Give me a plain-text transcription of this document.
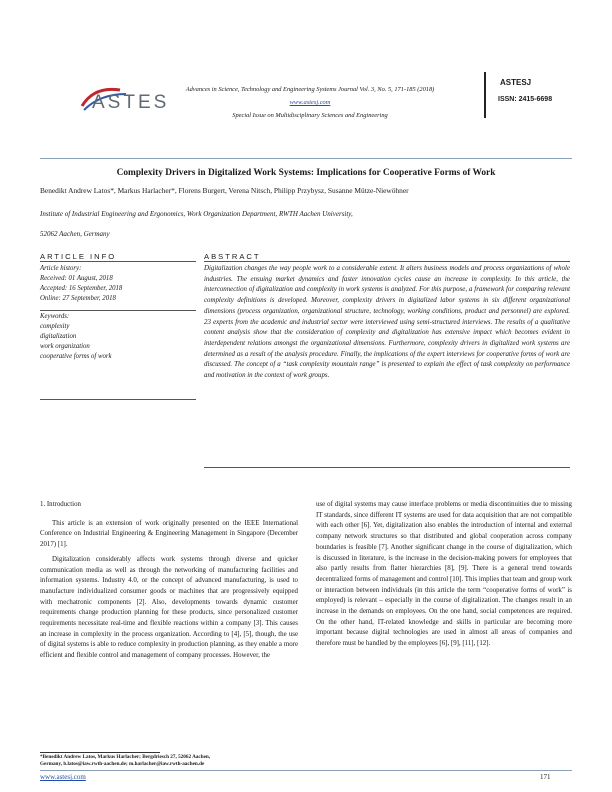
ASTES
Advances in Science, Technology and Engineering Systems Journal Vol. 3, No. 5, 171-185 (2018)
www.astesj.com
Special Issue on Multidisciplinary Sciences and Engineering
ASTESJ
ISSN: 2415-6698
Complexity Drivers in Digitalized Work Systems: Implications for Cooperative Forms of Work
Benedikt Andrew Latos*, Markus Harlacher*, Florens Burgert, Verena Nitsch, Philipp Przybysz, Susanne Mütze-Niewöhner
Institute of Industrial Engineering and Ergonomics, Work Organization Department, RWTH Aachen University,
52062 Aachen, Germany
ARTICLE INFO
Article history:
Received: 01 August, 2018
Accepted: 16 September, 2018
Online: 27 September, 2018
Keywords:
complexity
digitalization
work organization
cooperative forms of work
ABSTRACT
Digitalization changes the way people work to a considerable extent. It alters business models and process organizations of whole industries. The ensuing market dynamics and faster innovation cycles cause an increase in complexity. In this article, the interconnection of digitalization and complexity in work systems is analyzed. For this purpose, a framework for comparing relevant complexity definitions is developed. Moreover, complexity drivers in digitalized labor systems in six different organizational dimensions (process organization, organizational structure, technology, working conditions, product and personnel) are explored. 23 experts from the academic and industrial sector were interviewed using semi-structured interviews. The results of a qualitative content analysis show that the consideration of complexity and digitalization has extensive impact which becomes evident in interdependent relations amongst the organizational dimensions. Furthermore, complexity drivers in digitalized work systems are determined as a result of the analysis procedure. Finally, the implications of the expert interviews for cooperative forms of work are discussed. The concept of a “task complexity mountain range” is presented to explain the effect of task complexity on performance and motivation in the context of work groups.
1. Introduction

This article is an extension of work originally presented on the IEEE International Conference on Industrial Engineering & Engineering Management in Singapore (December 2017) [1].

Digitalization considerably affects work systems through diverse and quicker communication media as well as through the networking of manufacturing facilities and information systems. Industry 4.0, or the concept of advanced manufacturing, is used to manufacture individualized consumer goods or machines that are progressively equipped with mechatronic components [2]. Also, developments towards dynamic customer requirements change production planning for these products, since personalized customer requirements necessitate real-time and flexible reactions within a company [3]. This causes an increase in complexity in the process organization. According to [4], [5], though, the use of digital systems is able to reduce complexity in production planning, as they enable a more efficient and flexible control and management of company processes. However, the

use of digital systems may cause interface problems or media discontinuities due to missing IT standards, since different IT systems are used for data acquisition that are not compatible with each other [6]. Yet, digitalization also enables the introduction of internal and external company network structures so that distributed and global cooperation across company boundaries is feasible [7]. Another significant change in the course of digitalization, which is discussed in literature, is the increase in the decision-making powers for employees that also partly results from flatter hierarchies [8], [9]. There is a general trend towards decentralized forms of management and control [10]. This implies that team and group work or interaction between individuals (in this article the term “cooperative forms of work” is employed) is relevant – especially in the course of digitalization. The changes result in an increase in the demands on employees. On the one hand, social competences are required. On the other hand, IT-related knowledge and skills in particular are becoming more important because digital technologies are used in almost all areas of companies and therefore must be handled by the employees [6], [9], [11], [12].

*Benedikt Andrew Latos, Markus Harlacher; Bergdriesch 27, 52062 Aachen,
Germany, b.latos@iaw.rwth-aachen.de; m.harlacher@iaw.rwth-aachen.de
www.astesj.com	171
